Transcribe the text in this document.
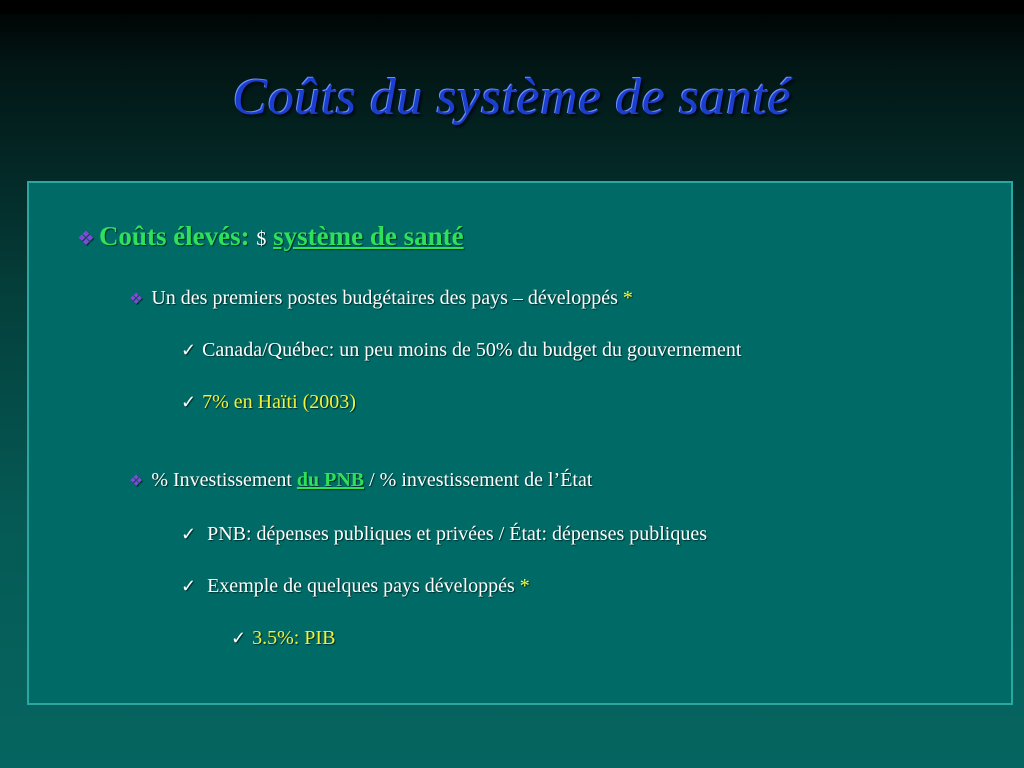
Coûts du système de santé
❖ Coûts élevés: $ système de santé
❖ Un des premiers postes budgétaires des pays – développés *
✓ Canada/Québec: un peu moins de 50% du budget du gouvernement
✓ 7% en Haïti (2003)
❖ % Investissement du PNB / % investissement de l’État
✓ PNB: dépenses publiques et privées / État: dépenses publiques
✓ Exemple de quelques pays développés *
✓ 3.5%: PIB
